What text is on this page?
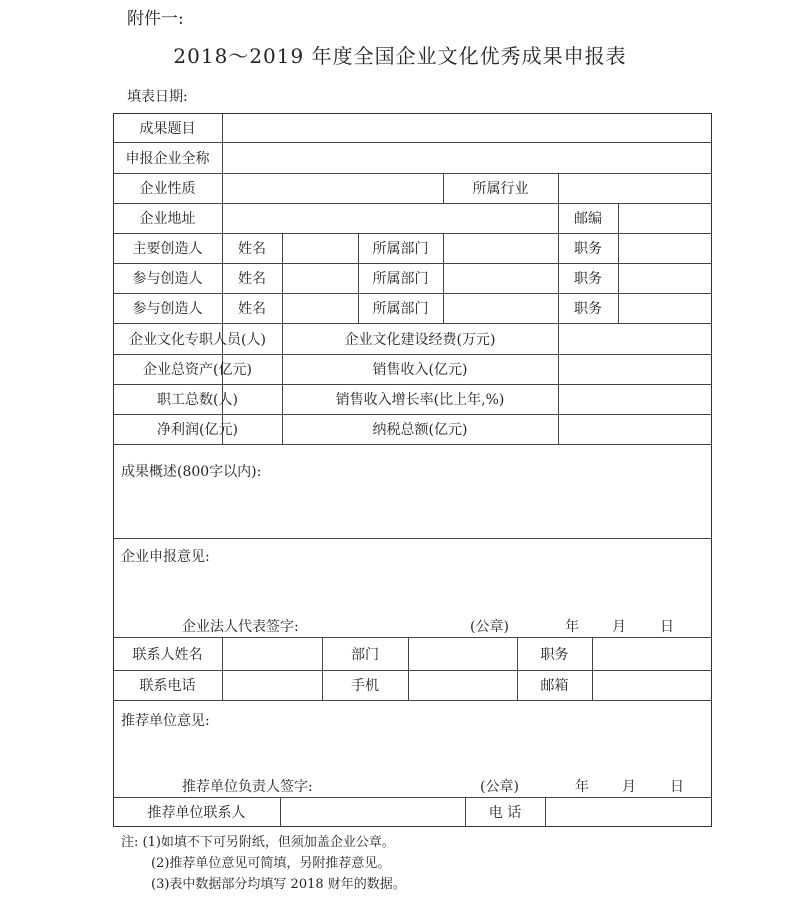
附件一:
2018～2019 年度全国企业文化优秀成果申报表
填表日期:
成果题目
申报企业全称
企业性质	所属行业
企业地址	邮编
主要创造人	姓名	所属部门	职务
参与创造人	姓名	所属部门	职务
参与创造人	姓名	所属部门	职务
企业文化专职人员(人)	企业文化建设经费(万元)
企业总资产(亿元)	销售收入(亿元)
职工总数(人)	销售收入增长率(比上年,%)
净利润(亿元)	纳税总额(亿元)
成果概述(800字以内):
企业申报意见:
企业法人代表签字:	(公章)	年 月 日
联系人姓名	部门	职务
联系电话	手机	邮箱
推荐单位意见:
推荐单位负责人签字:	(公章)	年 月 日
推荐单位联系人	电 话
注: (1)如填不下可另附纸，但须加盖企业公章。
(2)推荐单位意见可简填，另附推荐意见。
(3)表中数据部分均填写 2018 财年的数据。
